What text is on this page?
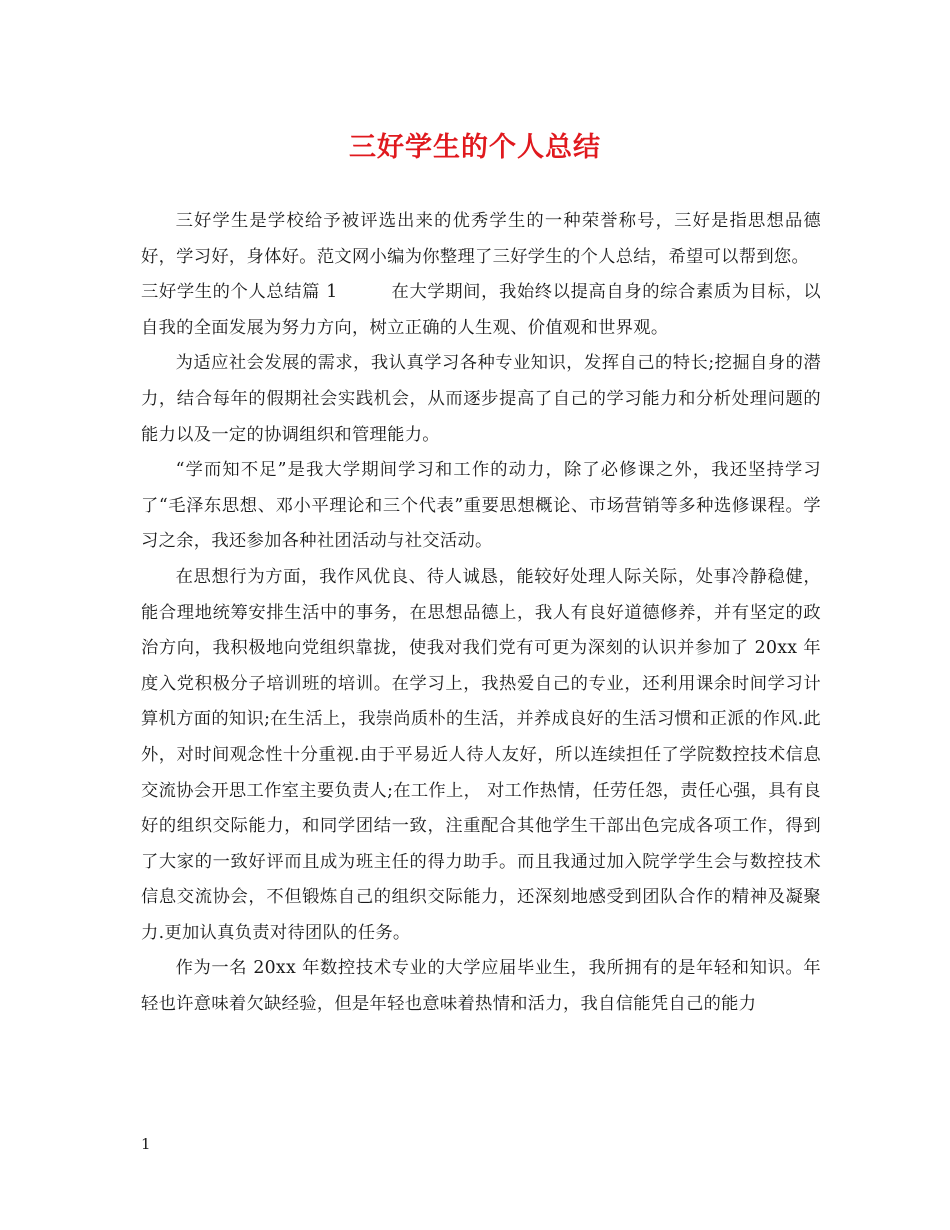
三好学生的个人总结

三好学生是学校给予被评选出来的优秀学生的一种荣誉称号，三好是指思想品德好，学习好，身体好。范文网小编为你整理了三好学生的个人总结，希望可以帮到您。

三好学生的个人总结篇 1　　　在大学期间，我始终以提高自身的综合素质为目标，以自我的全面发展为努力方向，树立正确的人生观、价值观和世界观。

为适应社会发展的需求，我认真学习各种专业知识，发挥自己的特长;挖掘自身的潜力，结合每年的假期社会实践机会，从而逐步提高了自己的学习能力和分析处理问题的能力以及一定的协调组织和管理能力。

“学而知不足”是我大学期间学习和工作的动力，除了必修课之外，我还坚持学习了“毛泽东思想、邓小平理论和三个代表”重要思想概论、市场营销等多种选修课程。学习之余，我还参加各种社团活动与社交活动。

在思想行为方面，我作风优良、待人诚恳，能较好处理人际关际，处事冷静稳健，能合理地统筹安排生活中的事务，在思想品德上，我人有良好道德修养，并有坚定的政治方向，我积极地向党组织靠拢，使我对我们党有可更为深刻的认识并参加了 20xx 年度入党积极分子培训班的培训。在学习上，我热爱自己的专业，还利用课余时间学习计算机方面的知识;在生活上，我崇尚质朴的生活，并养成良好的生活习惯和正派的作风.此外，对时间观念性十分重视.由于平易近人待人友好，所以连续担任了学院数控技术信息交流协会开思工作室主要负责人;在工作上， 对工作热情，任劳任怨，责任心强，具有良好的组织交际能力，和同学团结一致，注重配合其他学生干部出色完成各项工作，得到了大家的一致好评而且成为班主任的得力助手。而且我通过加入院学学生会与数控技术信息交流协会，不但锻炼自己的组织交际能力，还深刻地感受到团队合作的精神及凝聚力.更加认真负责对待团队的任务。

作为一名 20xx 年数控技术专业的大学应届毕业生，我所拥有的是年轻和知识。年轻也许意味着欠缺经验，但是年轻也意味着热情和活力，我自信能凭自己的能力

1
